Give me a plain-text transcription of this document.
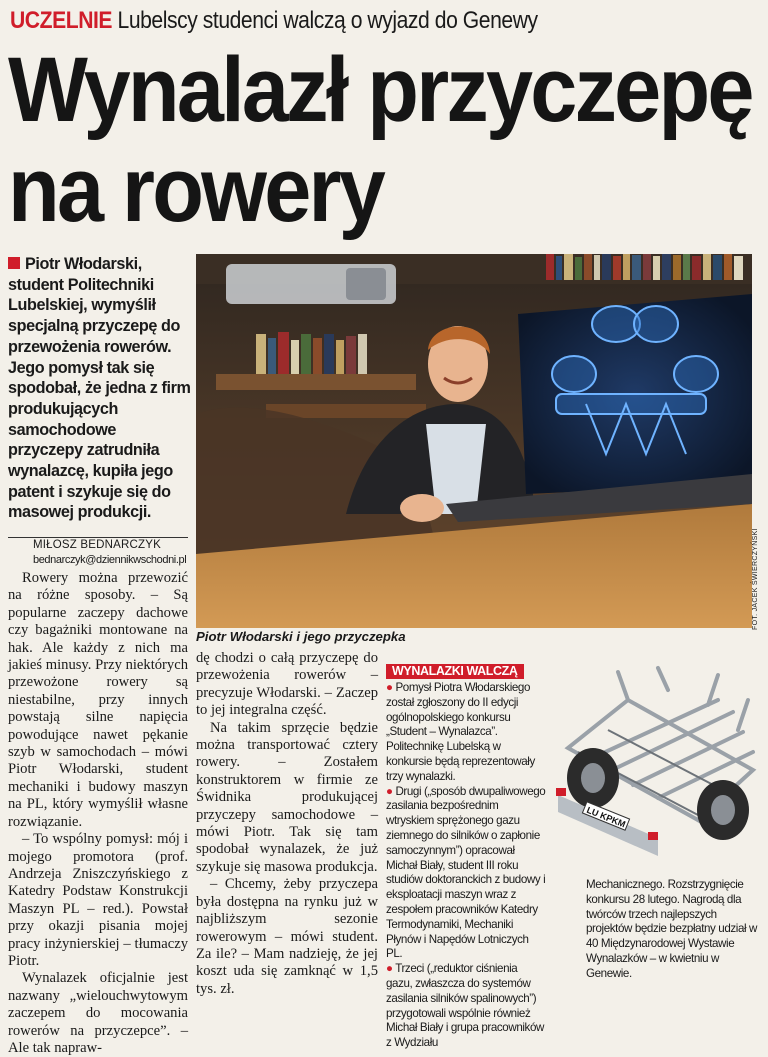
UCZELNIE Lubelscy studenci walczą o wyjazd do Genewy
Wynalazł przyczepę
na rowery
Piotr Włodarski, student Politechniki Lubelskiej, wymyślił specjalną przyczepę do przewożenia rowerów. Jego pomysł tak się spodobał, że jedna z firm produkujących samochodowe przyczepy zatrudniła wynalazcę, kupiła jego patent i szykuje się do masowej produkcji.
MIŁOSZ BEDNARCZYK
bednarczyk@dziennikwschodni.pl

Rowery można przewozić na różne sposoby. – Są popularne zaczepy dachowe czy bagażniki montowane na hak. Ale każdy z nich ma jakieś minusy. Przy niektórych przewożone rowery są niestabilne, przy innych powstają silne napięcia powodujące nawet pękanie szyb w samochodach – mówi Piotr Włodarski, student mechaniki i budowy maszyn na PL, który wymyślił własne rozwiązanie.

– To wspólny pomysł: mój i mojego promotora (prof. Andrzeja Zniszczyńskiego z Katedry Podstaw Konstrukcji Maszyn PL – red.). Powstał przy okazji pisania mojej pracy inżynierskiej – tłumaczy Piotr.

Wynalazek oficjalnie jest nazwany „wielouchwytowym zaczepem do mocowania rowerów na przyczepce”. – Ale tak napraw-

Piotr Włodarski i jego przyczepka
FOT. JACEK ŚWIERCZYŃSKI

dę chodzi o całą przyczepę do przewożenia rowerów – precyzuje Włodarski. – Zaczep to jej integralna część.

Na takim sprzęcie będzie można transportować cztery rowery. – Zostałem konstruktorem w firmie ze Świdnika produkującej przyczepy samochodowe – mówi Piotr. Tak się tam spodobał wynalazek, że już szykuje się masowa produkcja.

– Chcemy, żeby przyczepa była dostępna na rynku już w najbliższym sezonie rowerowym – mówi student. Za ile? – Mam nadzieję, że jej koszt uda się zamknąć w 1,5 tys. zł.

WYNALAZKI WALCZĄ

● Pomysł Piotra Włodarskiego został zgłoszony do II edycji ogólnopolskiego konkursu „Student – Wynalazca”. Politechnikę Lubelską w konkursie będą reprezentowały trzy wynalazki.

● Drugi („sposób dwupaliwowego zasilania bezpośrednim wtryskiem sprężonego gazu ziemnego do silników o zapłonie samoczynnym”) opracował Michał Biały, student III roku studiów doktoranckich z budowy i eksploatacji maszyn wraz z zespołem pracowników Katedry Termodynamiki, Mechaniki Płynów i Napędów Lotniczych PL.

● Trzeci („reduktor ciśnienia gazu, zwłaszcza do systemów zasilania silników spalinowych”) przygotowali wspólnie również Michał Biały i grupa pracowników z Wydziału

LU KPKM
Mechanicznego. Rozstrzygnięcie konkursu 28 lutego. Nagrodą dla twórców trzech najlepszych projektów będzie bezpłatny udział w 40 Międzynarodowej Wystawie Wynalazków – w kwietniu w Genewie.
